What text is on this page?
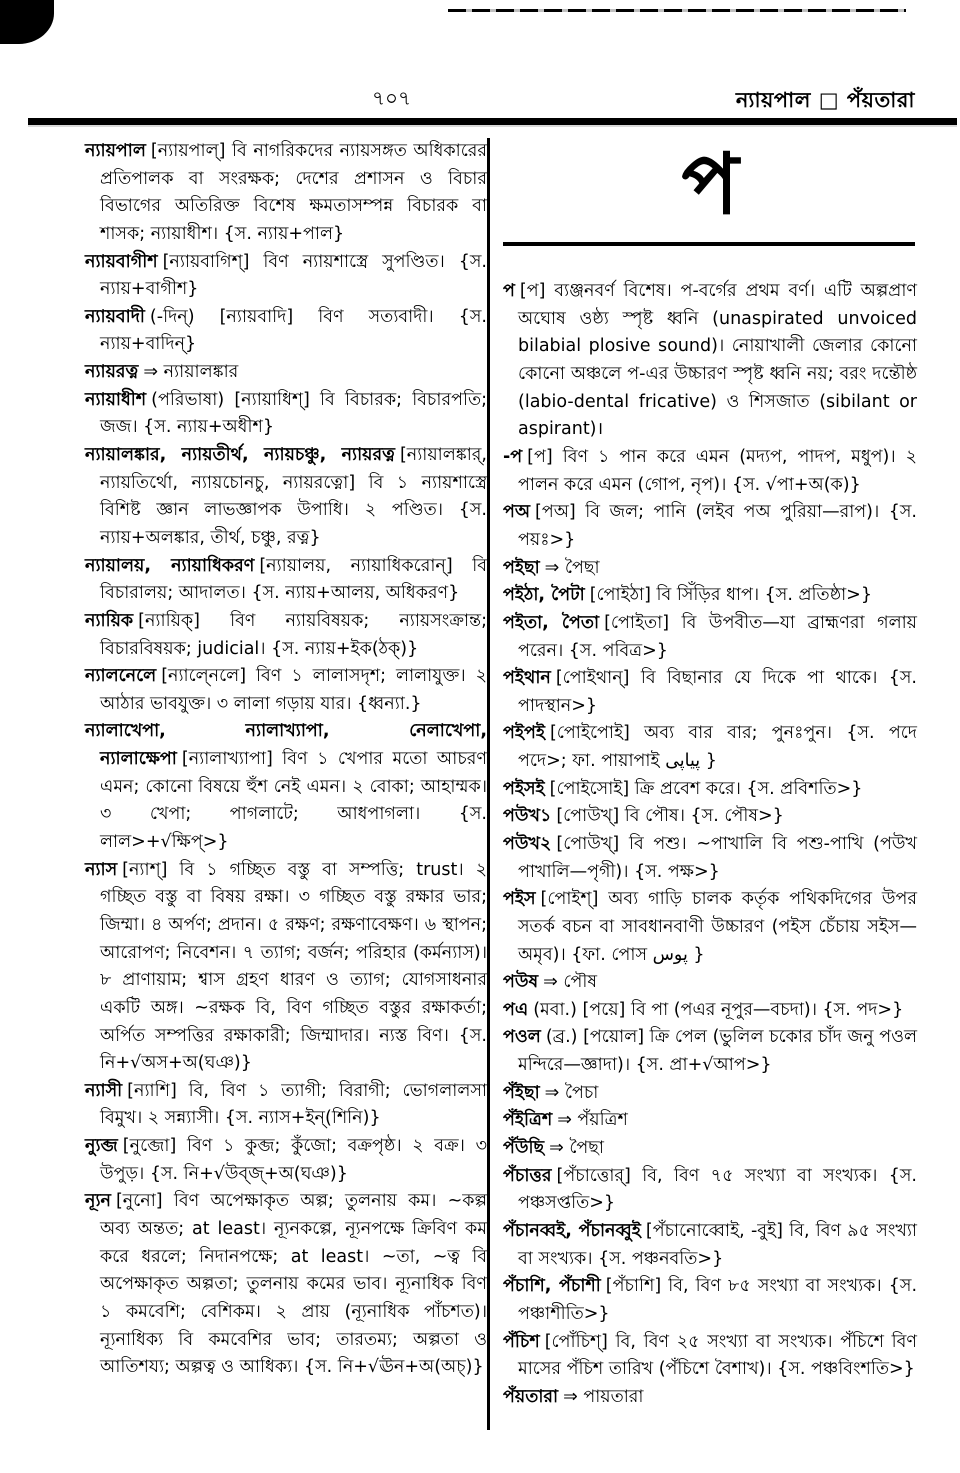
৭০৭	ন্যায়পাল □ পঁয়তারা

ন্যায়পাল [ন্যায়পাল্] বি নাগরিকদের ন্যায়সঙ্গত অধিকারের প্রতিপালক বা সংরক্ষক; দেশের প্রশাসন ও বিচার বিভাগের অতিরিক্ত বিশেষ ক্ষমতাসম্পন্ন বিচারক বা শাসক; ন্যায়াধীশ। {স. ন্যায়+পাল}

ন্যায়বাগীশ [ন্যায়বাগিশ্] বিণ ন্যায়শাস্ত্রে সুপণ্ডিত। {স. ন্যায়+বাগীশ}

ন্যায়বাদী (-দিন্) [ন্যায়বাদি] বিণ সত্যবাদী। {স. ন্যায়+বাদিন্}

ন্যায়রত্ন ⇒ ন্যায়ালঙ্কার

ন্যায়াধীশ (পরিভাষা) [ন্যায়াধিশ্] বি বিচারক; বিচারপতি; জজ। {স. ন্যায়+অধীশ}

ন্যায়ালঙ্কার, ন্যায়তীর্থ, ন্যায়চঞ্চু, ন্যায়রত্ন [ন্যায়ালঙ্কার্, ন্যায়তির্থো, ন্যায়চোনচু, ন্যায়রত্নো] বি ১ ন্যায়শাস্ত্রে বিশিষ্ট জ্ঞান লাভজ্ঞাপক উপাধি। ২ পণ্ডিত। {স. ন্যায়+অলঙ্কার, তীর্থ, চঞ্চু, রত্ন}

ন্যায়ালয়, ন্যায়াধিকরণ [ন্যায়ালয়, ন্যায়াধিকরোন্] বি বিচারালয়; আদালত। {স. ন্যায়+আলয়, অধিকরণ}

ন্যায়িক [ন্যায়িক্] বিণ ন্যায়বিষয়ক; ন্যায়সংক্রান্ত; বিচারবিষয়ক; judicial। {স. ন্যায়+ইক(ঠক্)}

ন্যালনেলে [ন্যাল্নেলে] বিণ ১ লালাসদৃশ; লালাযুক্ত। ২ আঠার ভাবযুক্ত। ৩ লালা গড়ায় যার। {ধ্বন্যা.}

ন্যালাখেপা, ন্যালাখ্যাপা, নেলাখেপা, ন্যালাক্ষেপা [ন্যালাখ্যাপা] বিণ ১ খেপার মতো আচরণ এমন; কোনো বিষয়ে হুঁশ নেই এমন। ২ বোকা; আহাম্মক। ৩ খেপা; পাগলাটে; আধপাগলা। {স. লাল>+√ক্ষিপ্>}

ন্যাস [ন্যাশ্] বি ১ গচ্ছিত বস্তু বা সম্পত্তি; trust। ২ গচ্ছিত বস্তু বা বিষয় রক্ষা। ৩ গচ্ছিত বস্তু রক্ষার ভার; জিম্মা। ৪ অর্পণ; প্রদান। ৫ রক্ষণ; রক্ষণাবেক্ষণ। ৬ স্থাপন; আরোপণ; নিবেশন। ৭ ত্যাগ; বর্জন; পরিহার (কর্মন্যাস)। ৮ প্রাণায়াম; শ্বাস গ্রহণ ধারণ ও ত্যাগ; যোগসাধনার একটি অঙ্গ। ~রক্ষক বি, বিণ গচ্ছিত বস্তুর রক্ষাকর্তা; অর্পিত সম্পত্তির রক্ষাকারী; জিম্মাদার। ন্যস্ত বিণ। {স. নি+√অস+অ(ঘঞ)}

ন্যাসী [ন্যাশি] বি, বিণ ১ ত্যাগী; বিরাগী; ভোগলালসা বিমুখ। ২ সন্ন্যাসী। {স. ন্যাস+ইন্(শিনি)}

ন্যুব্জ [নুব্জো] বিণ ১ কুব্জ; কুঁজো; বক্রপৃষ্ঠ। ২ বক্র। ৩ উপুড়। {স. নি+√উব্জ্+অ(ঘঞ)}

ন্যূন [নুনো] বিণ অপেক্ষাকৃত অল্প; তুলনায় কম। ~কল্প অব্য অন্তত; at least। ন্যূনকল্পে, ন্যূনপক্ষে ক্রিবিণ কম করে ধরলে; নিদানপক্ষে; at least। ~তা, ~ত্ব বি অপেক্ষাকৃত অল্পতা; তুলনায় কমের ভাব। ন্যূনাধিক বিণ ১ কমবেশি; বেশিকম। ২ প্রায় (ন্যূনাধিক পাঁচশত)। ন্যূনাধিক্য বি কমবেশির ভাব; তারতম্য; অল্পতা ও আতিশয্য; অল্পত্ব ও আধিক্য। {স. নি+√ঊন+অ(অচ্)}

প

প [প] ব্যঞ্জনবর্ণ বিশেষ। প-বর্গের প্রথম বর্ণ। এটি অল্পপ্রাণ অঘোষ ওষ্ঠ্য স্পৃষ্ট ধ্বনি (unaspirated unvoiced bilabial plosive sound)। নোয়াখালী জেলার কোনো কোনো অঞ্চলে প-এর উচ্চারণ স্পৃষ্ট ধ্বনি নয়; বরং দন্তৌষ্ঠ (labio-dental fricative) ও শিসজাত (sibilant or aspirant)।

-প [প] বিণ ১ পান করে এমন (মদ্যপ, পাদপ, মধুপ)। ২ পালন করে এমন (গোপ, নৃপ)। {স. √পা+অ(ক)}

পঅ [পঅ] বি জল; পানি (লইব পঅ পুরিয়া—রাপ)। {স. পয়ঃ>}

পইছা ⇒ পৈছা

পইঠা, পৈটা [পোইঠা] বি সিঁড়ির ধাপ। {স. প্রতিষ্ঠা>}

পইতা, পৈতা [পোইতা] বি উপবীত—যা ব্রাহ্মণরা গলায় পরেন। {স. পবিত্র>}

পইথান [পোইথান্] বি বিছানার যে দিকে পা থাকে। {স. পাদস্থান>}

পইপই [পোইপোই] অব্য বার বার; পুনঃপুন। {স. পদে পদে>; ফা. পায়াপাই پیاپی }

পইসই [পোইসোই] ক্রি প্রবেশ করে। {স. প্রবিশতি>}

পউখ১ [পোউখ্] বি পৌষ। {স. পৌষ>}

পউখ২ [পোউখ্] বি পশু। ~পাখালি বি পশু-পাখি (পউখ পাখালি—পৃগী)। {স. পক্ষ>}

পইস [পোইশ্] অব্য গাড়ি চালক কর্তৃক পথিকদিগের উপর সতর্ক বচন বা সাবধানবাণী উচ্চারণ (পইস চেঁচায় সইস—অমৃব)। {ফা. পোস پوس }

পউষ ⇒ পৌষ

পএ (মবা.) [পয়ে] বি পা (পএর নূপুর—বচদা)। {স. পদ>}

পওল (ব্র.) [পয়োল] ক্রি পেল (ভুলিল চকোর চাঁদ জনু পওল মন্দিরে—জ্ঞাদা)। {স. প্রা+√আপ>}

পঁইছা ⇒ পৈচা

পঁইত্রিশ ⇒ পঁয়ত্রিশ

পঁউছি ⇒ পৈছা

পঁচাত্তর [পঁচাত্তোর্] বি, বিণ ৭৫ সংখ্যা বা সংখ্যক। {স. পঞ্চসপ্ততি>}

পঁচানব্বই, পঁচানব্বুই [পঁচানোব্বোই, -বুই] বি, বিণ ৯৫ সংখ্যা বা সংখ্যক। {স. পঞ্চনবতি>}

পঁচাশি, পঁচাশী [পঁচাশি] বি, বিণ ৮৫ সংখ্যা বা সংখ্যক। {স. পঞ্চাশীতি>}

পঁচিশ [পোঁচিশ্] বি, বিণ ২৫ সংখ্যা বা সংখ্যক। পঁচিশে বিণ মাসের পঁচিশ তারিখ (পঁচিশে বৈশাখ)। {স. পঞ্চবিংশতি>}

পঁয়তারা ⇒ পায়তারা
